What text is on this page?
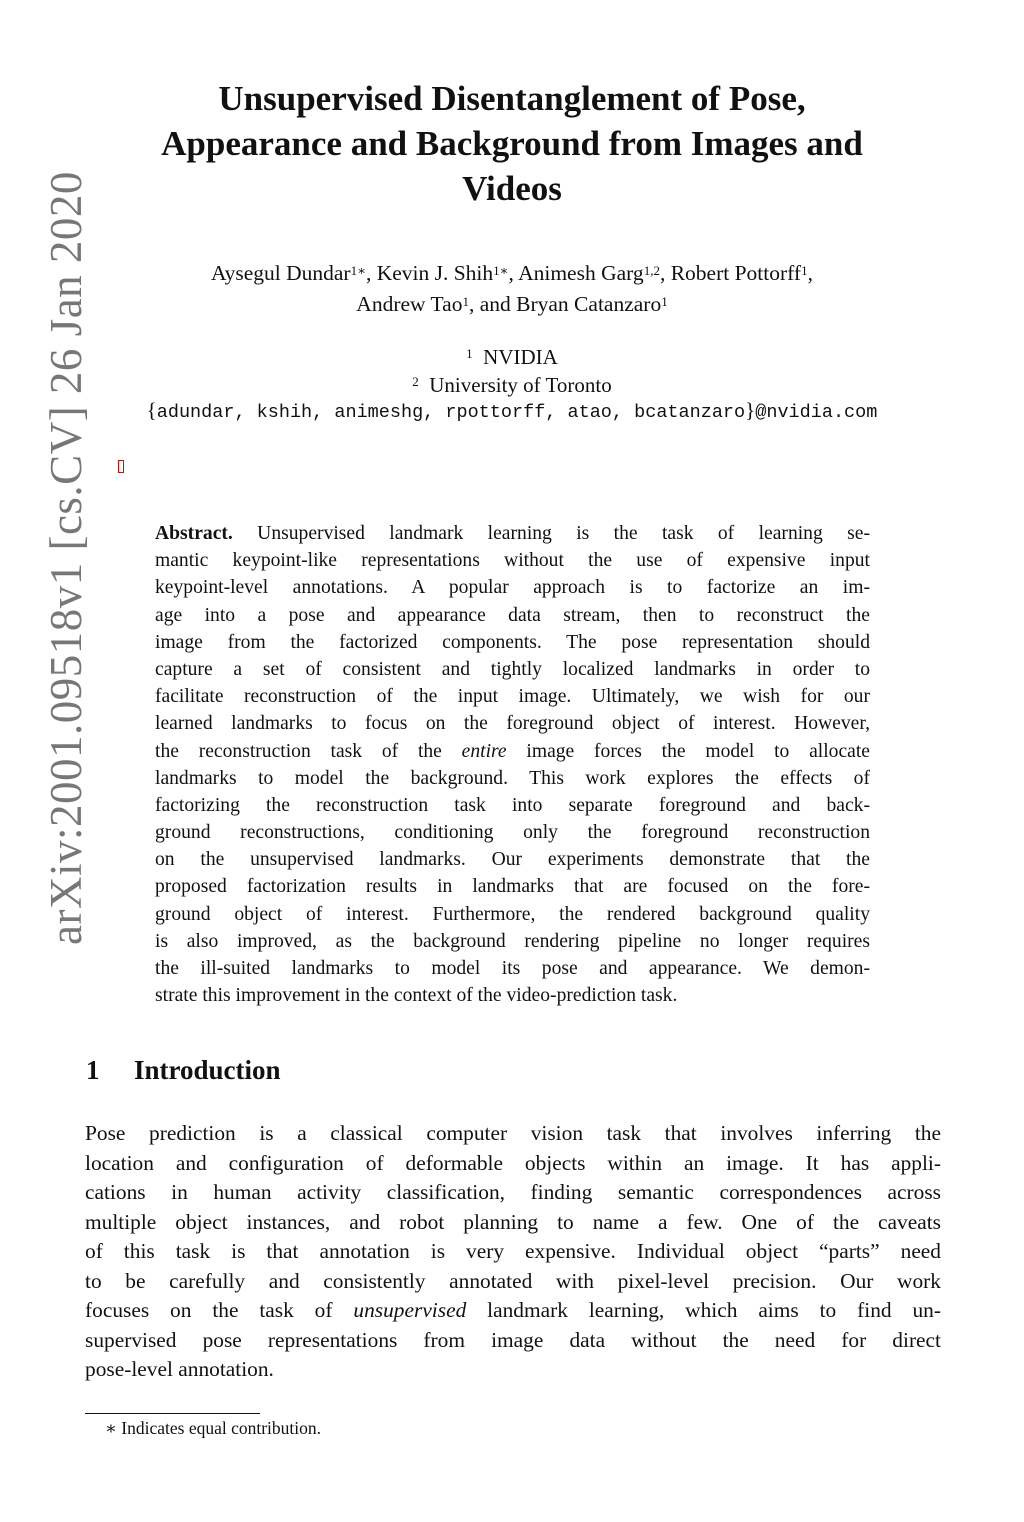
arXiv:2001.09518v1 [cs.CV] 26 Jan 2020
Unsupervised Disentanglement of Pose,
Appearance and Background from Images and
Videos
Aysegul Dundar$^{1∗}$, Kevin J. Shih$^{1∗}$, Animesh Garg$^{1,2}$, Robert Pottorff$^1$,
Andrew Tao$^1$, and Bryan Catanzaro$^1$
$^1$ NVIDIA
$^2$ University of Toronto
{adundar, kshih, animeshg, rpottorff, atao, bcatanzaro}@nvidia.com
Abstract. Unsupervised landmark learning is the task of learning se-
mantic keypoint-like representations without the use of expensive input
keypoint-level annotations. A popular approach is to factorize an im-
age into a pose and appearance data stream, then to reconstruct the
image from the factorized components. The pose representation should
capture a set of consistent and tightly localized landmarks in order to
facilitate reconstruction of the input image. Ultimately, we wish for our
learned landmarks to focus on the foreground object of interest. However,
the reconstruction task of the entire image forces the model to allocate
landmarks to model the background. This work explores the effects of
factorizing the reconstruction task into separate foreground and back-
ground reconstructions, conditioning only the foreground reconstruction
on the unsupervised landmarks. Our experiments demonstrate that the
proposed factorization results in landmarks that are focused on the fore-
ground object of interest. Furthermore, the rendered background quality
is also improved, as the background rendering pipeline no longer requires
the ill-suited landmarks to model its pose and appearance. We demon-
strate this improvement in the context of the video-prediction task.
1 Introduction
Pose prediction is a classical computer vision task that involves inferring the
location and configuration of deformable objects within an image. It has appli-
cations in human activity classification, finding semantic correspondences across
multiple object instances, and robot planning to name a few. One of the caveats
of this task is that annotation is very expensive. Individual object “parts” need
to be carefully and consistently annotated with pixel-level precision. Our work
focuses on the task of unsupervised landmark learning, which aims to find un-
supervised pose representations from image data without the need for direct
pose-level annotation.
∗ Indicates equal contribution.
